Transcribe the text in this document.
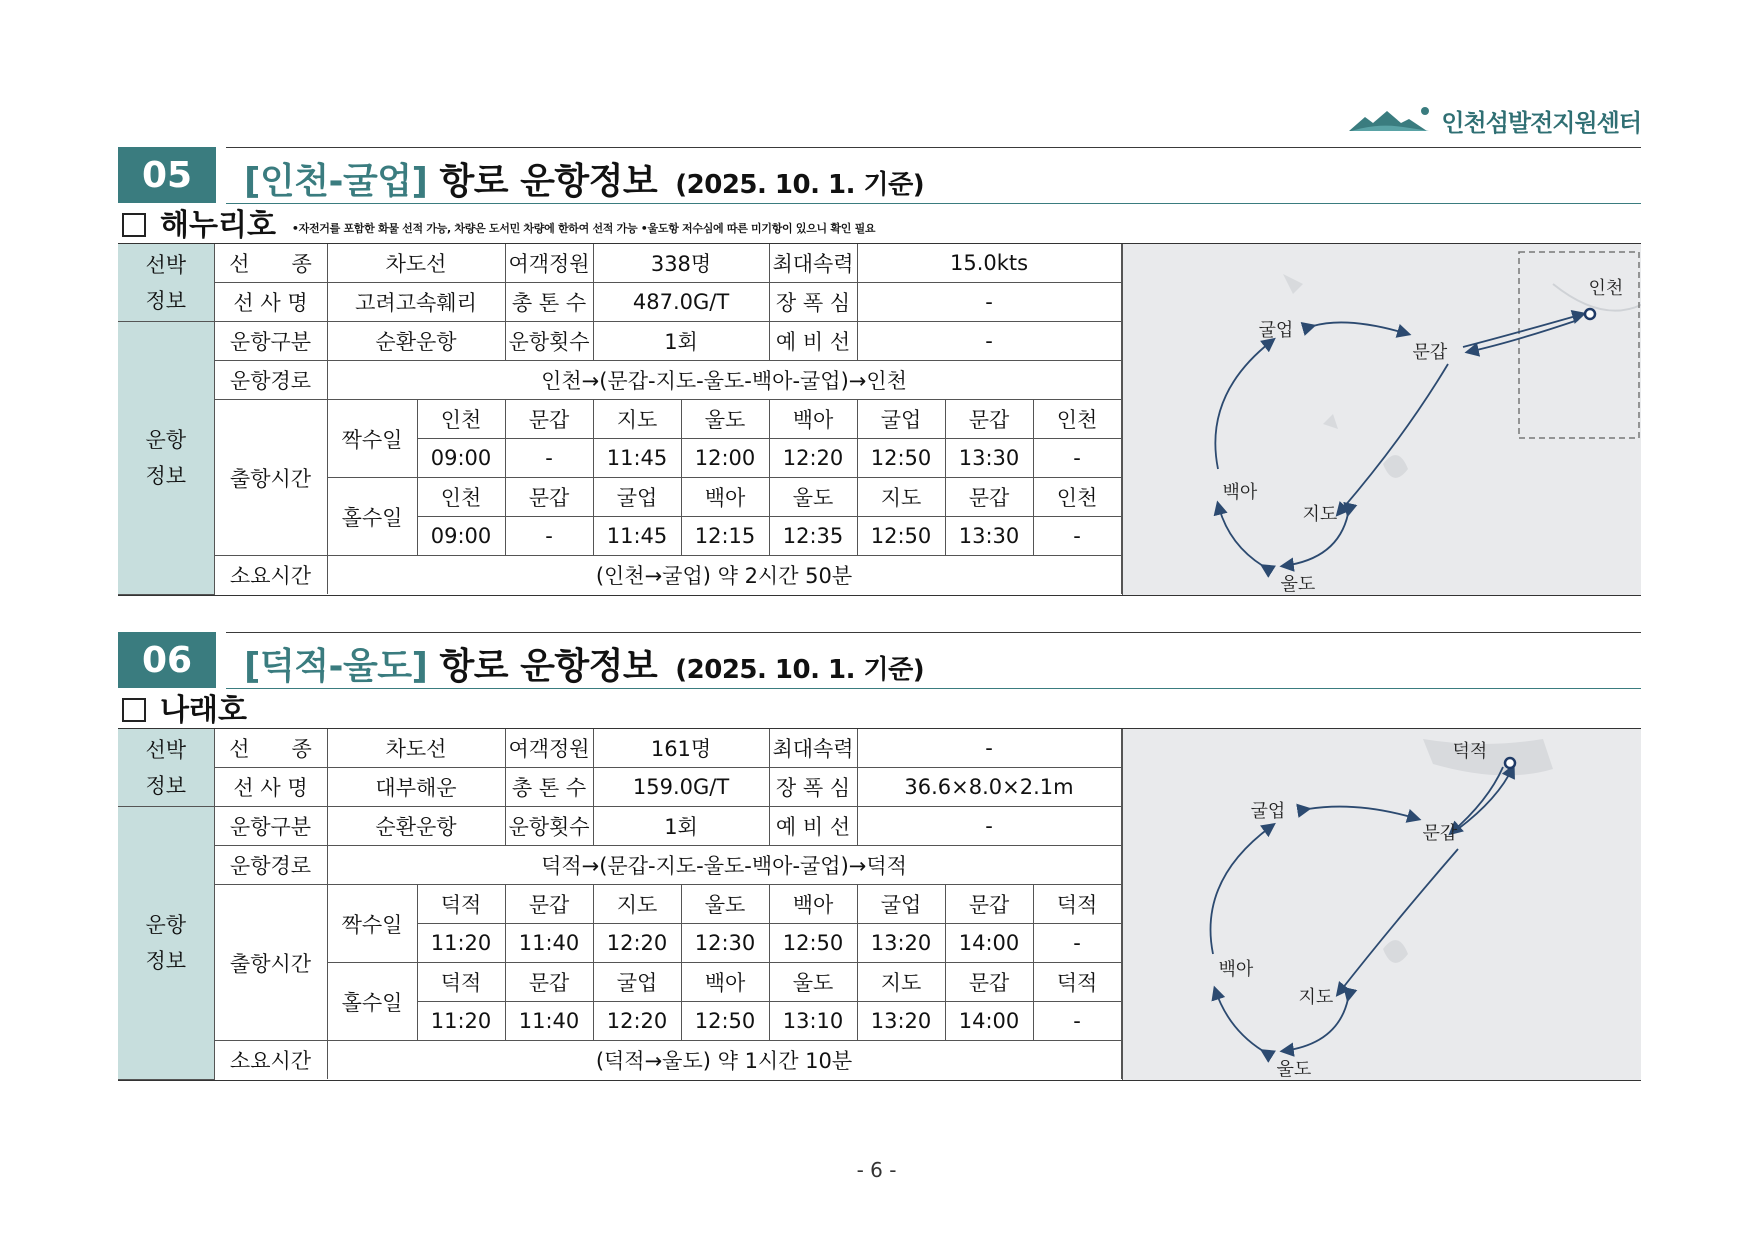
인천섬발전지원센터
05	[인천-굴업] 항로 운항정보 (2025. 10. 1. 기준)
해누리호 •자전거를 포함한 화물 선적 가능, 차량은 도서민 차량에 한하여 선적 가능 •울도항 저수심에 따른 미기항이 있으니 확인 필요
선박
정보	선　　종	차도선		여객정원	338명		최대속력	15.0kts		
	선 사 명	고려고속훼리		총 톤 수	487.0G/T		장 폭 심	-		
운항
정보	운항구분	순환운항		운항횟수	1회		예 비 선	-		
	운항경로	인천→(문갑-지도-울도-백아-굴업)→인천								
	출항시간	짝수일	인천	문갑	지도	울도	백아	굴업	문갑	인천
			09:00	-	11:45	12:00	12:20	12:50	13:30	-
		홀수일	인천	문갑	굴업	백아	울도	지도	문갑	인천
			09:00	-	11:45	12:15	12:35	12:50	13:30	-
	소요시간	(인천→굴업) 약 2시간 50분								
인천
굴업
문갑
백아
지도
울도
06	[덕적-울도] 항로 운항정보 (2025. 10. 1. 기준)
나래호
선박
정보	선　　종	차도선		여객정원	161명		최대속력	-		
	선 사 명	대부해운		총 톤 수	159.0G/T		장 폭 심	36.6×8.0×2.1m		
운항
정보	운항구분	순환운항		운항횟수	1회		예 비 선	-		
	운항경로	덕적→(문갑-지도-울도-백아-굴업)→덕적								
	출항시간	짝수일	덕적	문갑	지도	울도	백아	굴업	문갑	덕적
			11:20	11:40	12:20	12:30	12:50	13:20	14:00	-
		홀수일	덕적	문갑	굴업	백아	울도	지도	문갑	덕적
			11:20	11:40	12:20	12:50	13:10	13:20	14:00	-
	소요시간	(덕적→울도) 약 1시간 10분								
덕적
굴업
문갑
백아
지도
울도
- 6 -
